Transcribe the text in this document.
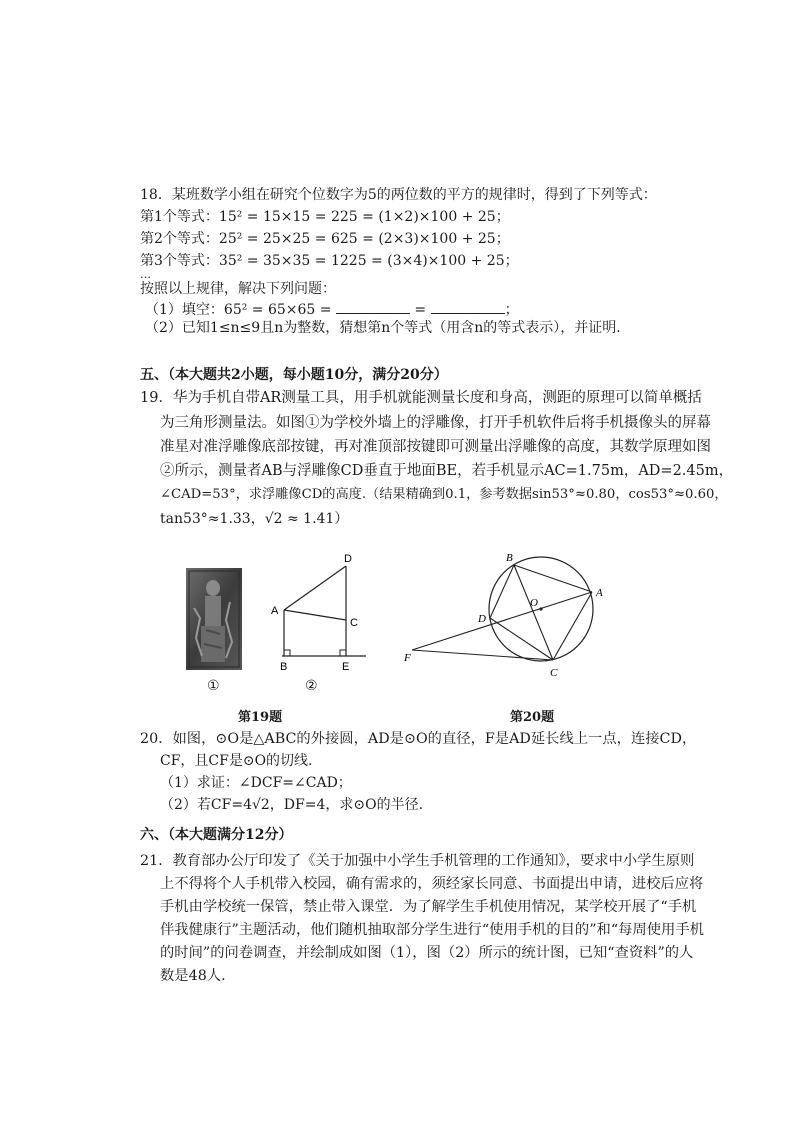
18．某班数学小组在研究个位数字为5的两位数的平方的规律时，得到了下列等式：
第1个等式：15² = 15×15 = 225 = (1×2)×100 + 25；
第2个等式：25² = 25×25 = 625 = (2×3)×100 + 25；
第3个等式：35² = 35×35 = 1225 = (3×4)×100 + 25；
…
按照以上规律，解决下列问题：
（1）填空：65² = 65×65 =	=	；
（2）已知1≤n≤9且n为整数，猜想第n个等式（用含n的等式表示），并证明.
五、（本大题共2小题，每小题10分，满分20分）
19．华为手机自带AR测量工具，用手机就能测量长度和身高，测距的原理可以简单概括
为三角形测量法。如图①为学校外墙上的浮雕像，打开手机软件后将手机摄像头的屏幕
准星对准浮雕像底部按键，再对准顶部按键即可测量出浮雕像的高度，其数学原理如图
②所示，测量者AB与浮雕像CD垂直于地面BE，若手机显示AC=1.75m，AD=2.45m，
∠CAD=53°，求浮雕像CD的高度.（结果精确到0.1，参考数据sin53°≈0.80，cos53°≈0.60，
tan53°≈1.33，√2 ≈ 1.41）
①
D
A
C
B	E
②
第19题
B
A
O
D
C
F
第20题
20．如图，⊙O是△ABC的外接圆，AD是⊙O的直径，F是AD延长线上一点，连接CD，
CF，且CF是⊙O的切线.
（1）求证：∠DCF=∠CAD；
（2）若CF=4√2，DF=4，求⊙O的半径.
六、（本大题满分12分）
21．教育部办公厅印发了《关于加强中小学生手机管理的工作通知》，要求中小学生原则
上不得将个人手机带入校园，确有需求的，须经家长同意、书面提出申请，进校后应将
手机由学校统一保管，禁止带入课堂．为了解学生手机使用情况，某学校开展了“手机
伴我健康行”主题活动，他们随机抽取部分学生进行“使用手机的目的”和“每周使用手机
的时间”的问卷调查，并绘制成如图（1），图（2）所示的统计图，已知“查资料”的人
数是48人.
